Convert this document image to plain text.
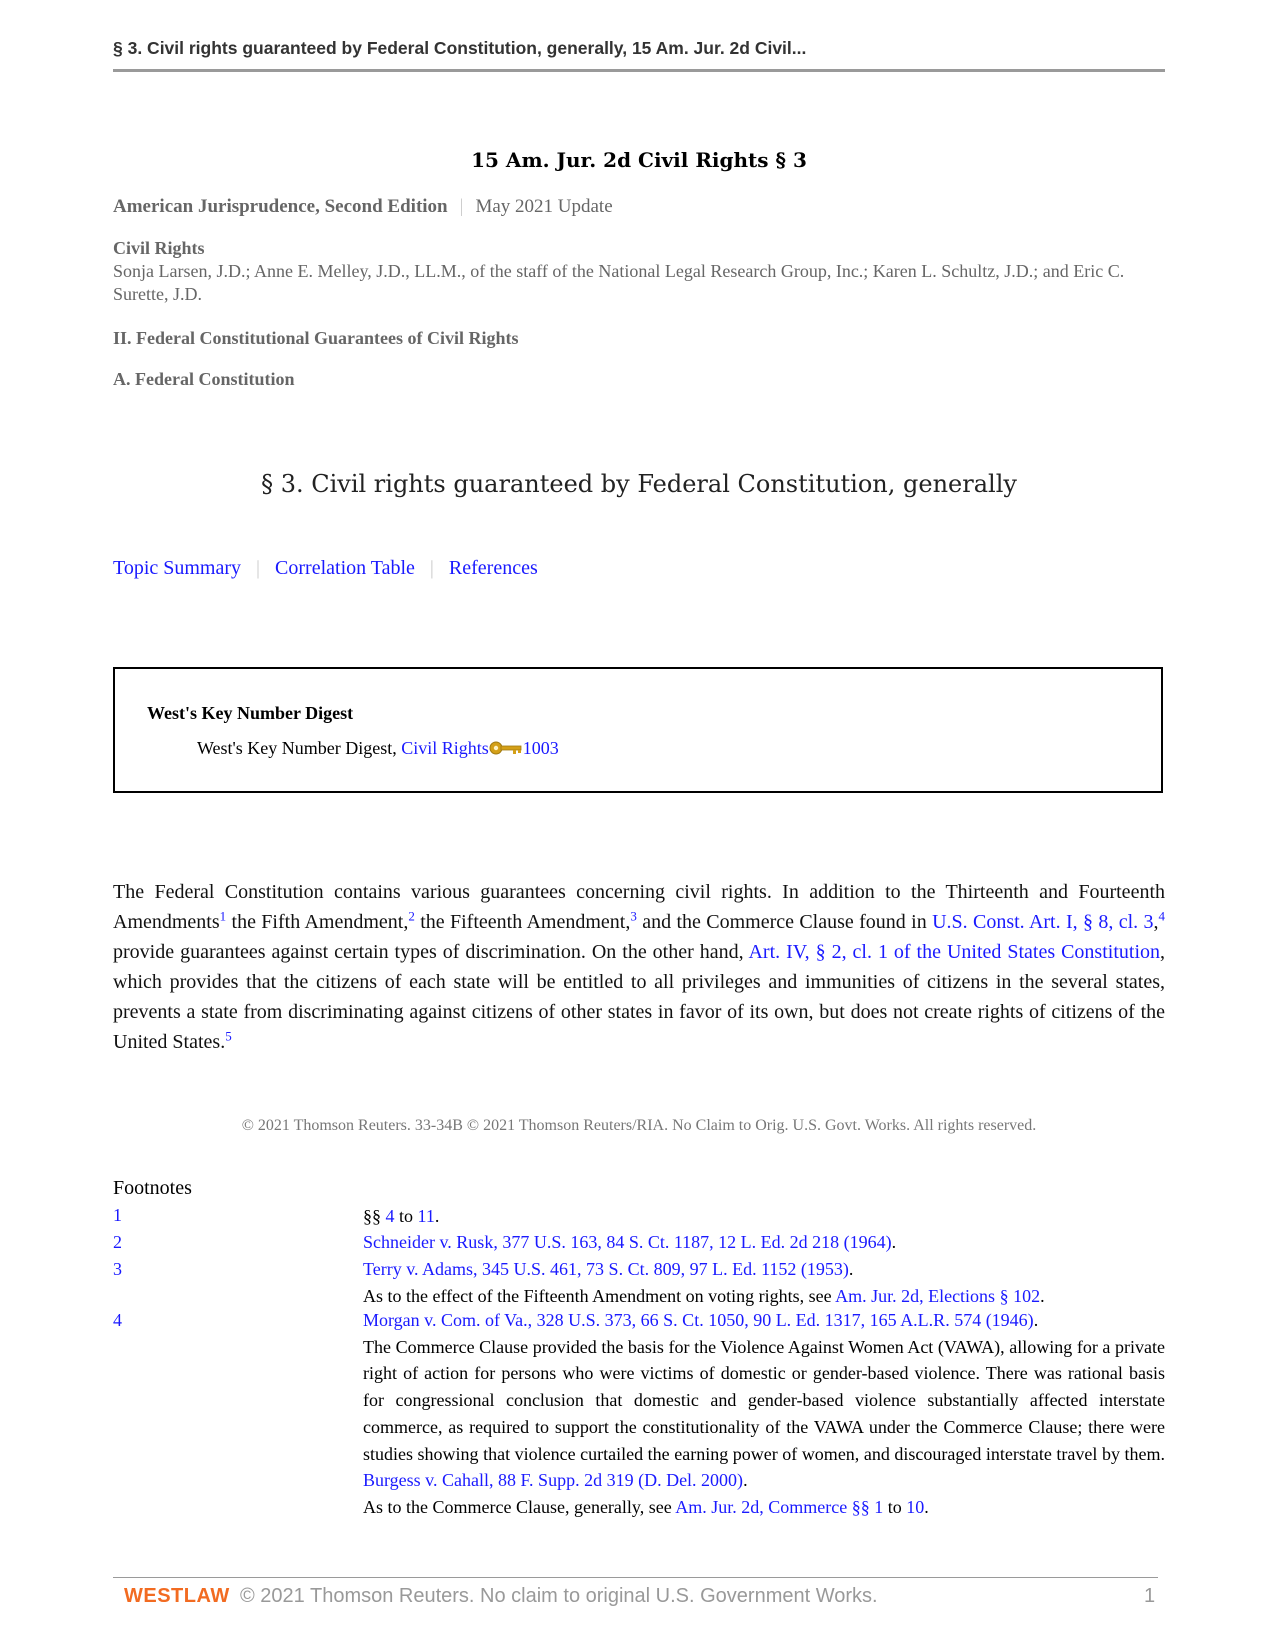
§ 3. Civil rights guaranteed by Federal Constitution, generally, 15 Am. Jur. 2d Civil...
15 Am. Jur. 2d Civil Rights § 3
American Jurisprudence, Second Edition | May 2021 Update
Civil Rights
Sonja Larsen, J.D.; Anne E. Melley, J.D., LL.M., of the staff of the National Legal Research Group, Inc.; Karen L. Schultz, J.D.; and Eric C. Surette, J.D.
II. Federal Constitutional Guarantees of Civil Rights
A. Federal Constitution
§ 3. Civil rights guaranteed by Federal Constitution, generally
Topic Summary | Correlation Table | References
West's Key Number Digest
West's Key Number Digest, Civil Rights 1003
The Federal Constitution contains various guarantees concerning civil rights. In addition to the Thirteenth and Fourteenth Amendments$^1$ the Fifth Amendment,$^2$ the Fifteenth Amendment,$^3$ and the Commerce Clause found in U.S. Const. Art. I, § 8, cl. 3,$^4$ provide guarantees against certain types of discrimination. On the other hand, Art. IV, § 2, cl. 1 of the United States Constitution, which provides that the citizens of each state will be entitled to all privileges and immunities of citizens in the several states, prevents a state from discriminating against citizens of other states in favor of its own, but does not create rights of citizens of the United States.$^5$
© 2021 Thomson Reuters. 33-34B © 2021 Thomson Reuters/RIA. No Claim to Orig. U.S. Govt. Works. All rights reserved.
Footnotes
1	§§ 4 to 11.
2	Schneider v. Rusk, 377 U.S. 163, 84 S. Ct. 1187, 12 L. Ed. 2d 218 (1964).
3	Terry v. Adams, 345 U.S. 461, 73 S. Ct. 809, 97 L. Ed. 1152 (1953).
As to the effect of the Fifteenth Amendment on voting rights, see Am. Jur. 2d, Elections § 102.
4	Morgan v. Com. of Va., 328 U.S. 373, 66 S. Ct. 1050, 90 L. Ed. 1317, 165 A.L.R. 574 (1946).
The Commerce Clause provided the basis for the Violence Against Women Act (VAWA), allowing for a private right of action for persons who were victims of domestic or gender-based violence. There was rational basis for congressional conclusion that domestic and gender-based violence substantially affected interstate commerce, as required to support the constitutionality of the VAWA under the Commerce Clause; there were studies showing that violence curtailed the earning power of women, and discouraged interstate travel by them. Burgess v. Cahall, 88 F. Supp. 2d 319 (D. Del. 2000).
As to the Commerce Clause, generally, see Am. Jur. 2d, Commerce §§ 1 to 10.
WESTLAW © 2021 Thomson Reuters. No claim to original U.S. Government Works.	1
